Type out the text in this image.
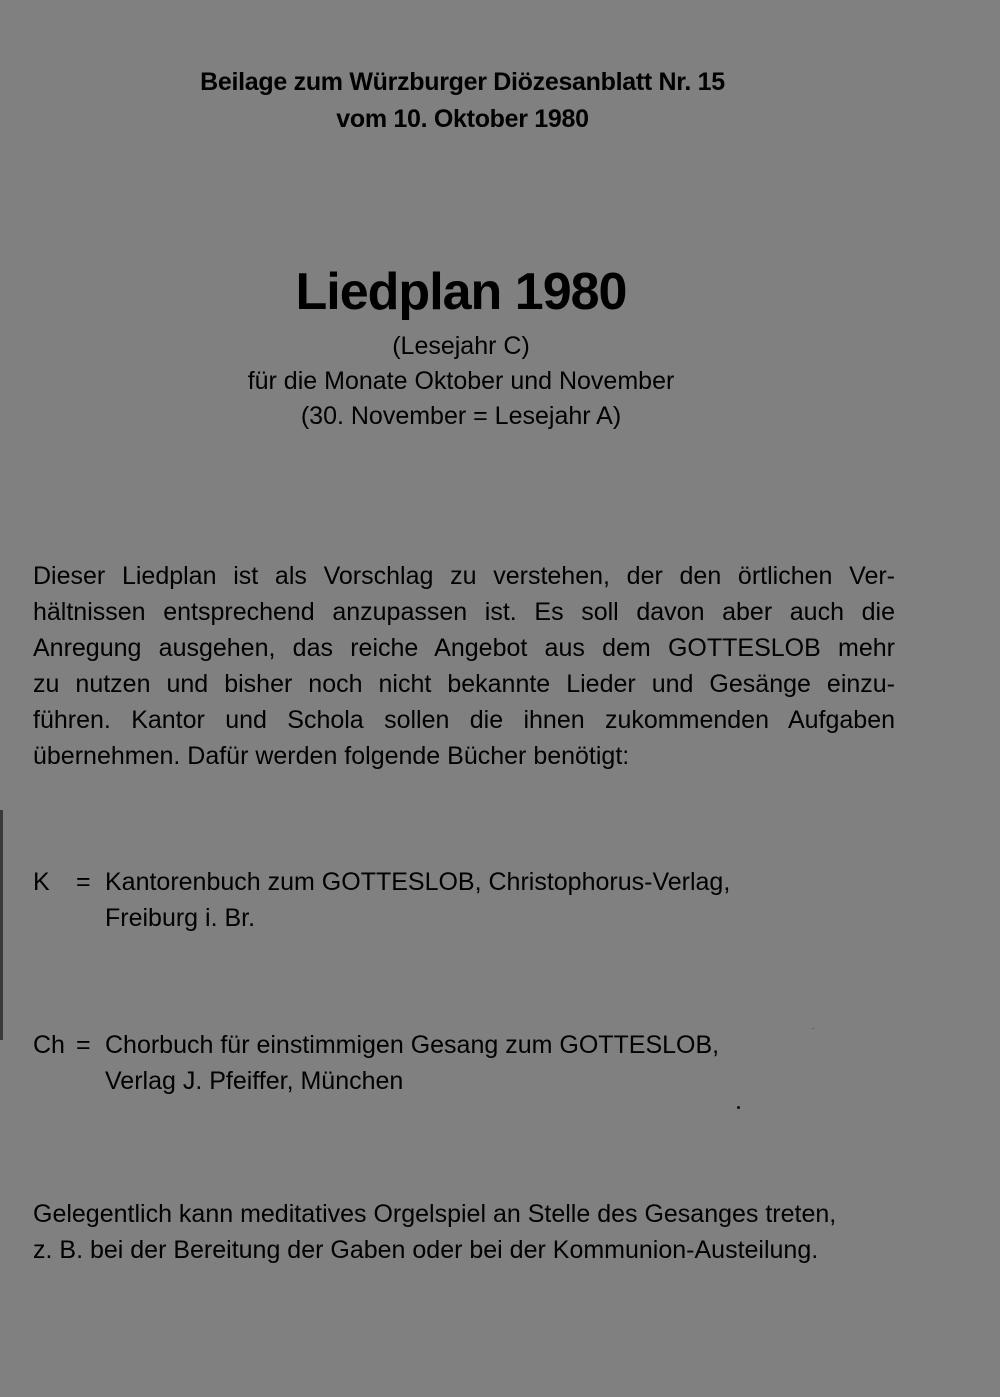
Beilage zum Würzburger Diözesanblatt Nr. 15
vom 10. Oktober 1980
Liedplan 1980
(Lesejahr C)
für die Monate Oktober und November
(30. November = Lesejahr A)
Dieser Liedplan ist als Vorschlag zu verstehen, der den örtlichen Ver-
hältnissen entsprechend anzupassen ist. Es soll davon aber auch die
Anregung ausgehen, das reiche Angebot aus dem GOTTESLOB mehr
zu nutzen und bisher noch nicht bekannte Lieder und Gesänge einzu-
führen. Kantor und Schola sollen die ihnen zukommenden Aufgaben
übernehmen. Dafür werden folgende Bücher benötigt:
K = Kantorenbuch zum GOTTESLOB, Christophorus-Verlag,
Freiburg i. Br.
Ch = Chorbuch für einstimmigen Gesang zum GOTTESLOB,
Verlag J. Pfeiffer, München
Gelegentlich kann meditatives Orgelspiel an Stelle des Gesanges treten,
z. B. bei der Bereitung der Gaben oder bei der Kommunion-Austeilung.
